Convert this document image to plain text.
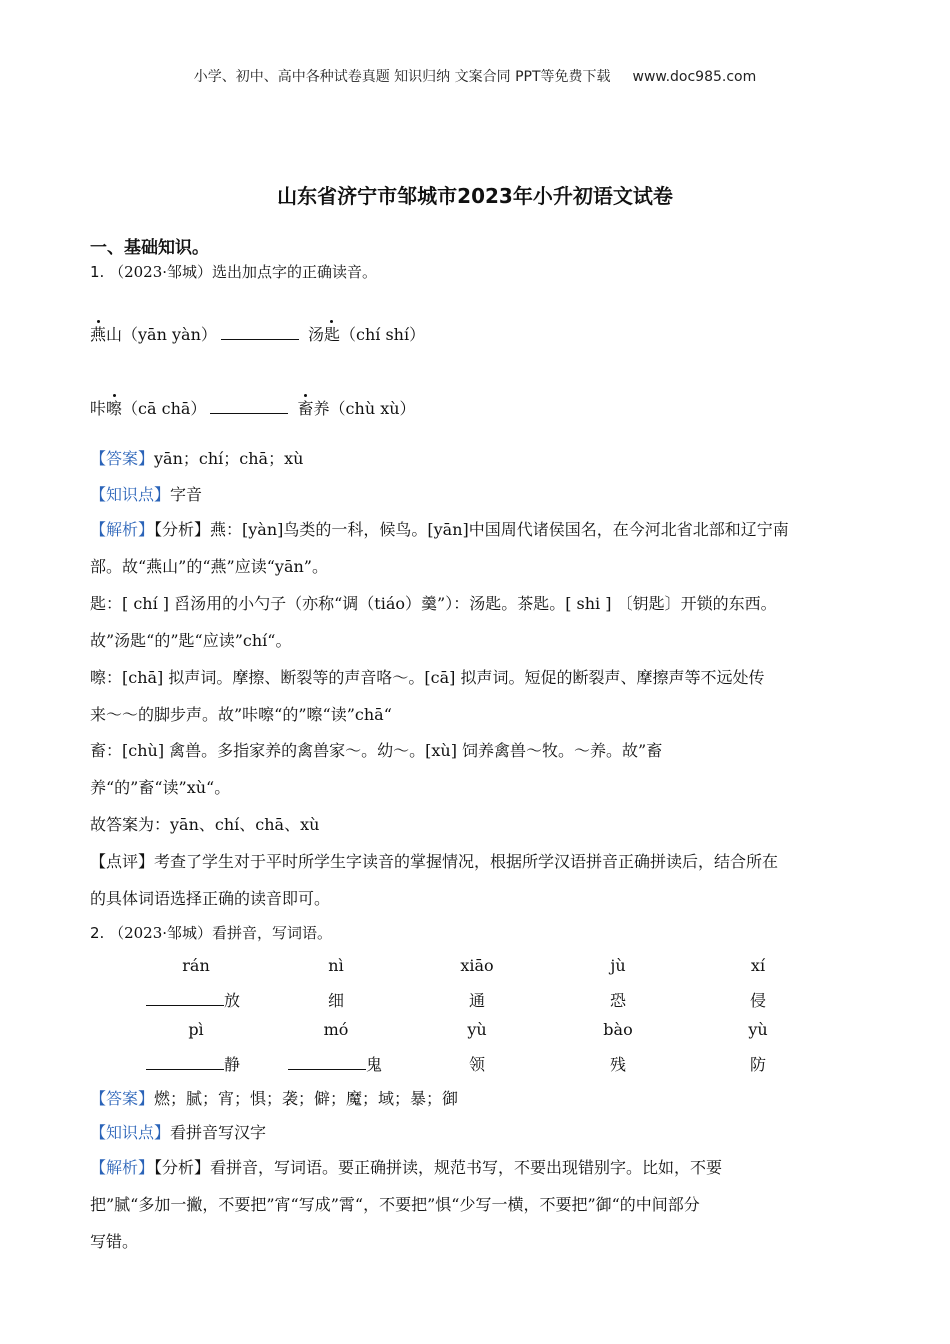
小学、初中、高中各种试卷真题 知识归纳 文案合同 PPT等免费下载 www.doc985.com
山东省济宁市邹城市2023年小升初语文试卷
一、基础知识。
1. （2023·邹城）选出加点字的正确读音。
燕山（yān yàn）	汤匙（chí shí）
咔嚓（cā chā）	畜养（chù xù）
【答案】yān；chí；chā；xù
【知识点】字音
【解析】【分析】燕：[yàn]鸟类的一科，候鸟。[yān]中国周代诸侯国名，在今河北省北部和辽宁南
部。故“燕山”的“燕”应读“yān”。
匙：[ chí ] 舀汤用的小勺子（亦称“调（tiáo）羹”）：汤匙。茶匙。[ shi ] 〔钥匙〕开锁的东西。
故”汤匙“的”匙“应读”chí“。
嚓：[chā] 拟声词。摩擦、断裂等的声音咯～。[cā] 拟声词。短促的断裂声、摩擦声等不远处传
来～～的脚步声。故”咔嚓“的”嚓“读”chā“
畜：[chù] 禽兽。多指家养的禽兽家～。幼～。[xù] 饲养禽兽～牧。～养。故”畜
养“的”畜“读”xù“。
故答案为：yān、chí、chā、xù
【点评】考查了学生对于平时所学生字读音的掌握情况，根据所学汉语拼音正确拼读后，结合所在
的具体词语选择正确的读音即可。
2. （2023·邹城）看拼音，写词语。
rán	nì	xiāo	jù	xí
放	细	通	恐	侵
pì	mó	yù	bào	yù
静	鬼	领	残	防
【答案】燃；腻；宵；惧；袭；僻；魔；域；暴；御
【知识点】看拼音写汉字
【解析】【分析】看拼音，写词语。要正确拼读，规范书写，不要出现错别字。比如，不要
把”腻“多加一撇，不要把”宵“写成”霄“，不要把”惧“少写一横，不要把”御“的中间部分
写错。
